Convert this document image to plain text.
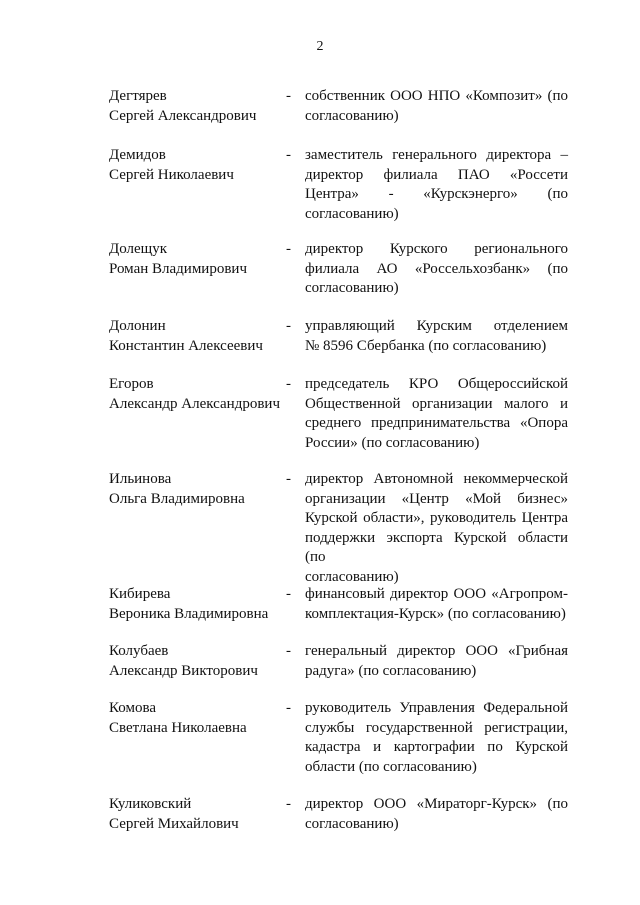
2
Дегтярев
Сергей Александрович
- собственник ООО НПО «Композит» (по
согласованию)
Демидов
Сергей Николаевич
- заместитель генерального директора –
директор филиала ПАО «Россети
Центра» - «Курскэнерго» (по
согласованию)
Долещук
Роман Владимирович
- директор Курского регионального
филиала АО «Россельхозбанк» (по
согласованию)
Долонин
Константин Алексеевич
- управляющий Курским отделением
№ 8596 Сбербанка (по согласованию)
Егоров
Александр Александрович
- председатель КРО Общероссийской
Общественной организации малого и
среднего предпринимательства «Опора
России» (по согласованию)
Ильинова
Ольга Владимировна
- директор Автономной некоммерческой
организации «Центр «Мой бизнес»
Курской области», руководитель Центра
поддержки экспорта Курской области (по
согласованию)
Кибирева
Вероника Владимировна
- финансовый директор ООО «Агропром-
комплектация-Курск» (по согласованию)
Колубаев
Александр Викторович
- генеральный директор ООО «Грибная
радуга» (по согласованию)
Комова
Светлана Николаевна
- руководитель Управления Федеральной
службы государственной регистрации,
кадастра и картографии по Курской
области (по согласованию)
Куликовский
Сергей Михайлович
- директор ООО «Мираторг-Курск» (по
согласованию)
